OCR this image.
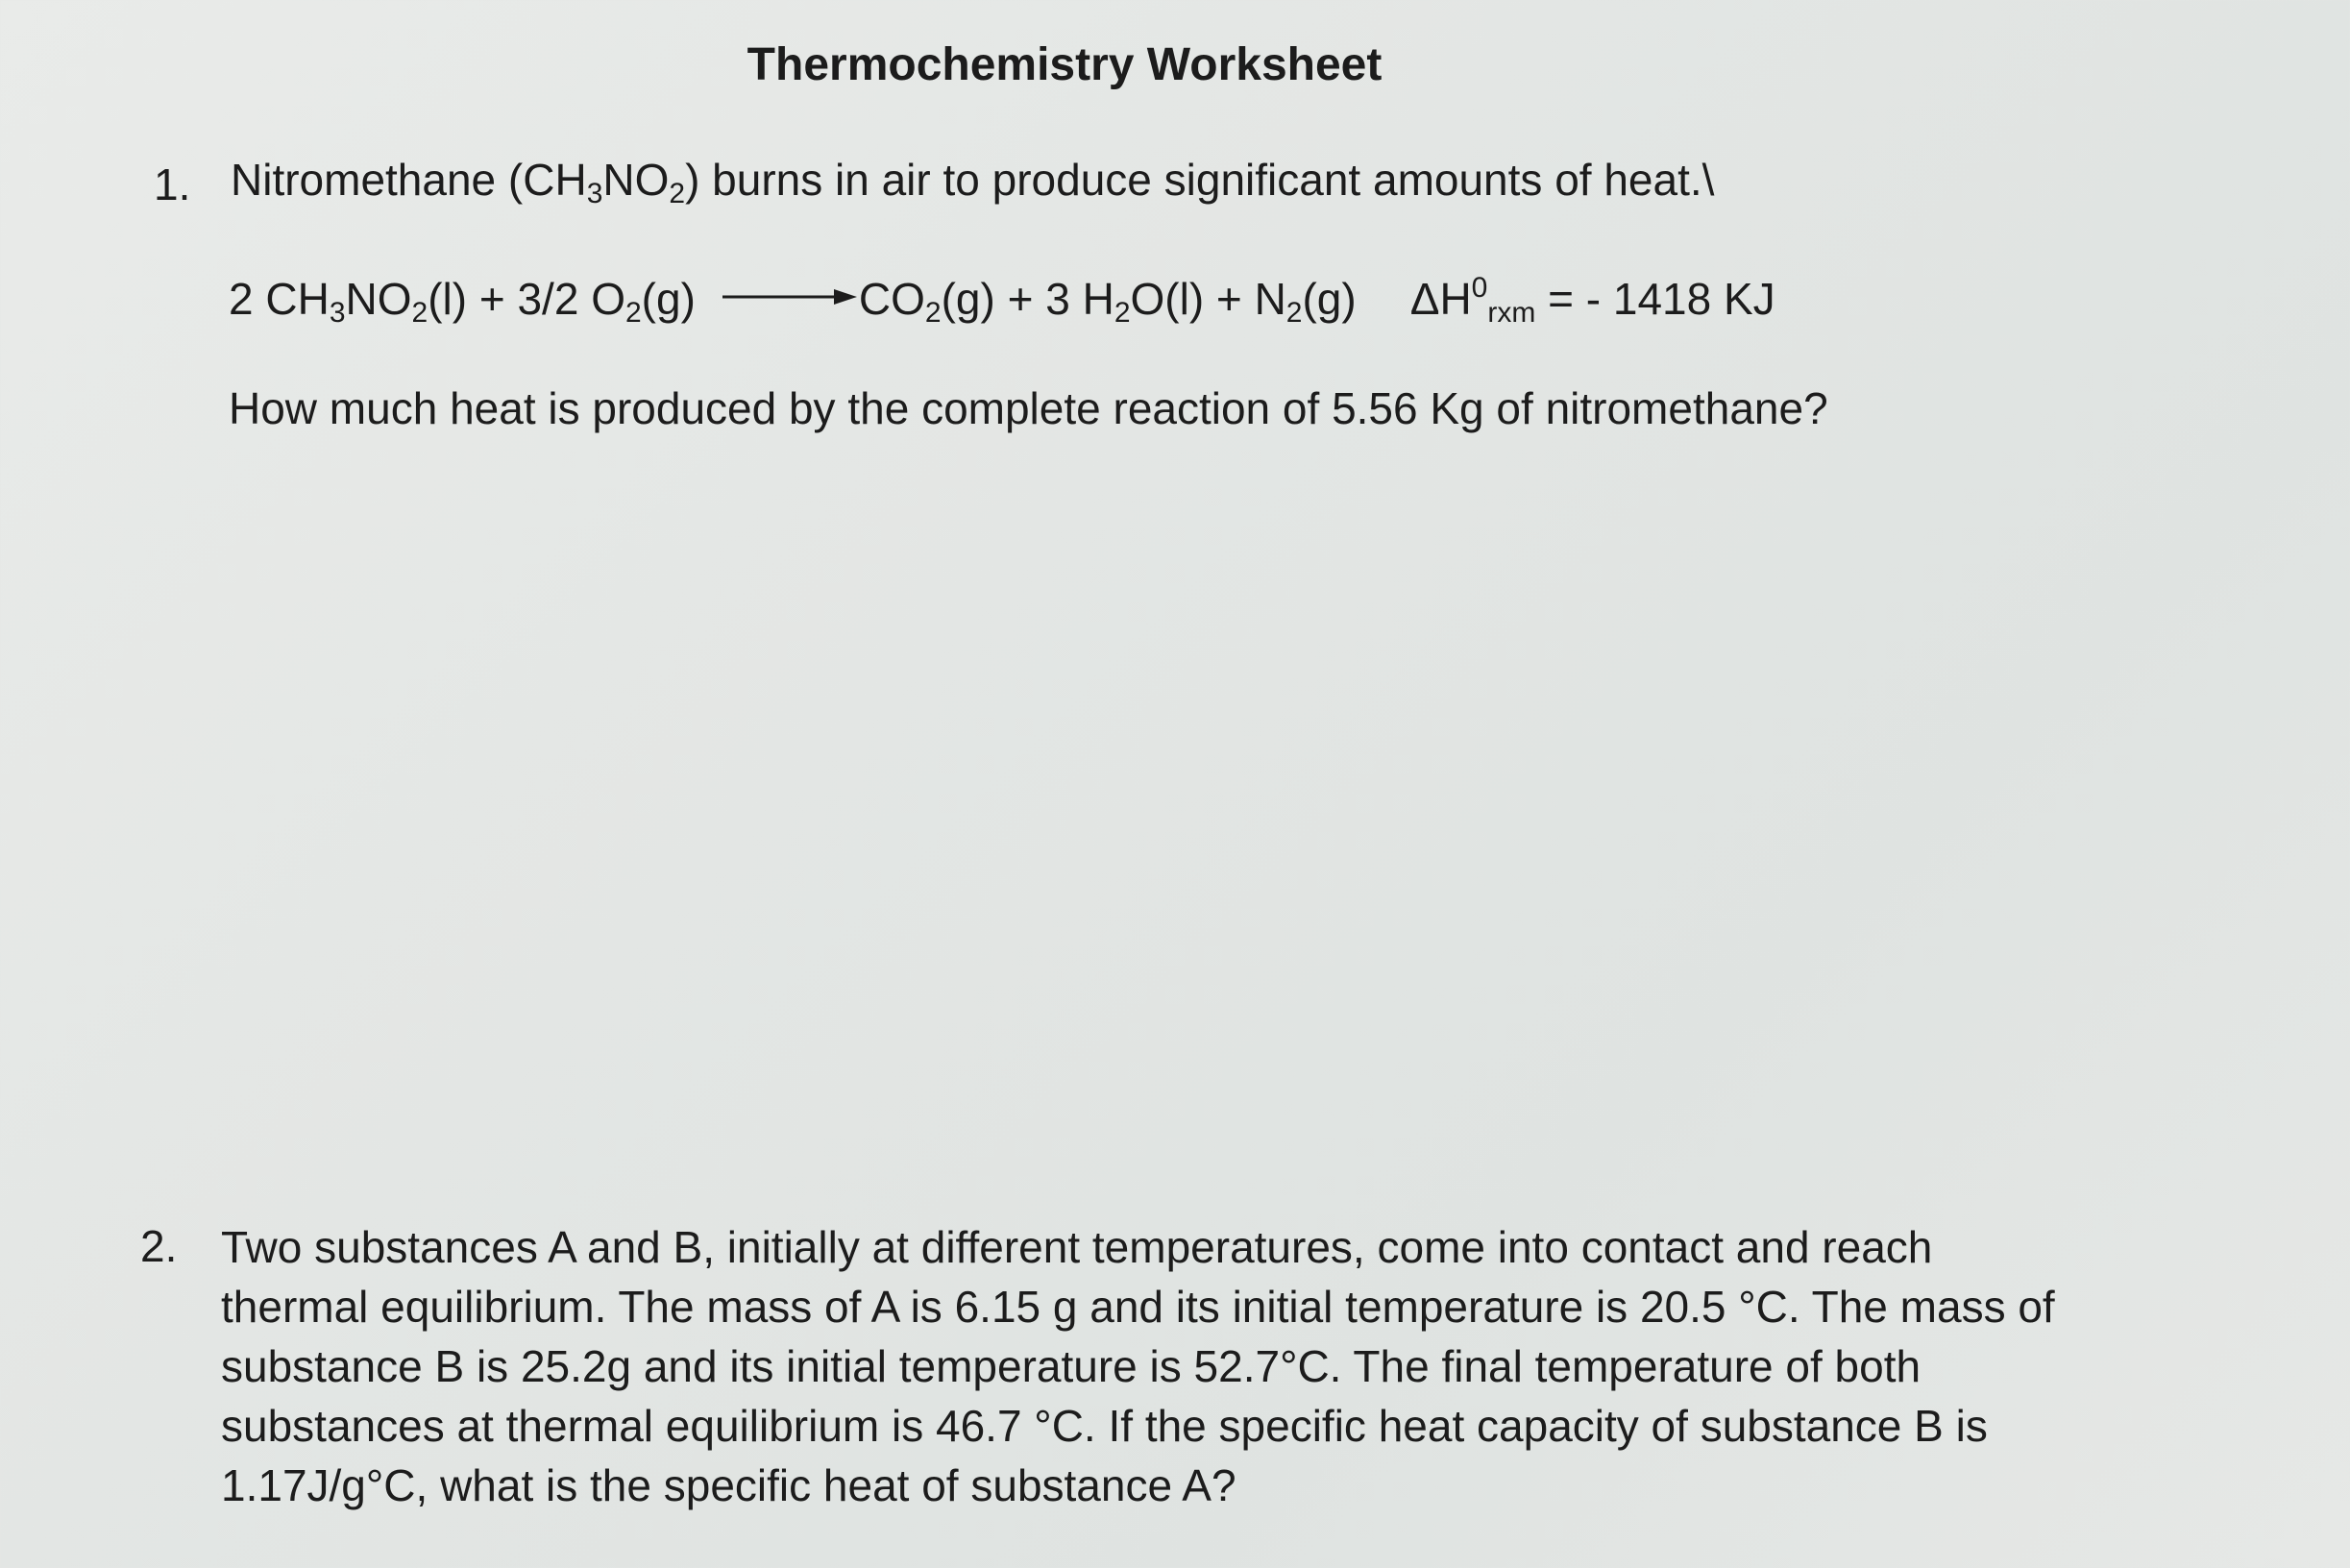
Thermochemistry Worksheet
1. Nitromethane $(CH_3NO_2)$ burns in air to produce significant amounts of heat.\
2 $CH_3NO_2(l) + 3/2$ $O_2(g) \to CO_2(g) + 3$ $H_2O(l) + N_2(g) \Delta H^0_{rxm}$ = - 1418 KJ
How much heat is produced by the complete reaction of 5.56 Kg of nitromethane?
2. Two substances A and B, initially at different temperatures, come into contact and reach
thermal equilibrium. The mass of A is 6.15 g and its initial temperature is 20.5 °C. The mass of
substance B is 25.2g and its initial temperature is 52.7°C. The final temperature of both
substances at thermal equilibrium is 46.7 °C. If the specific heat capacity of substance B is
1.17J/g°C, what is the specific heat of substance A?
